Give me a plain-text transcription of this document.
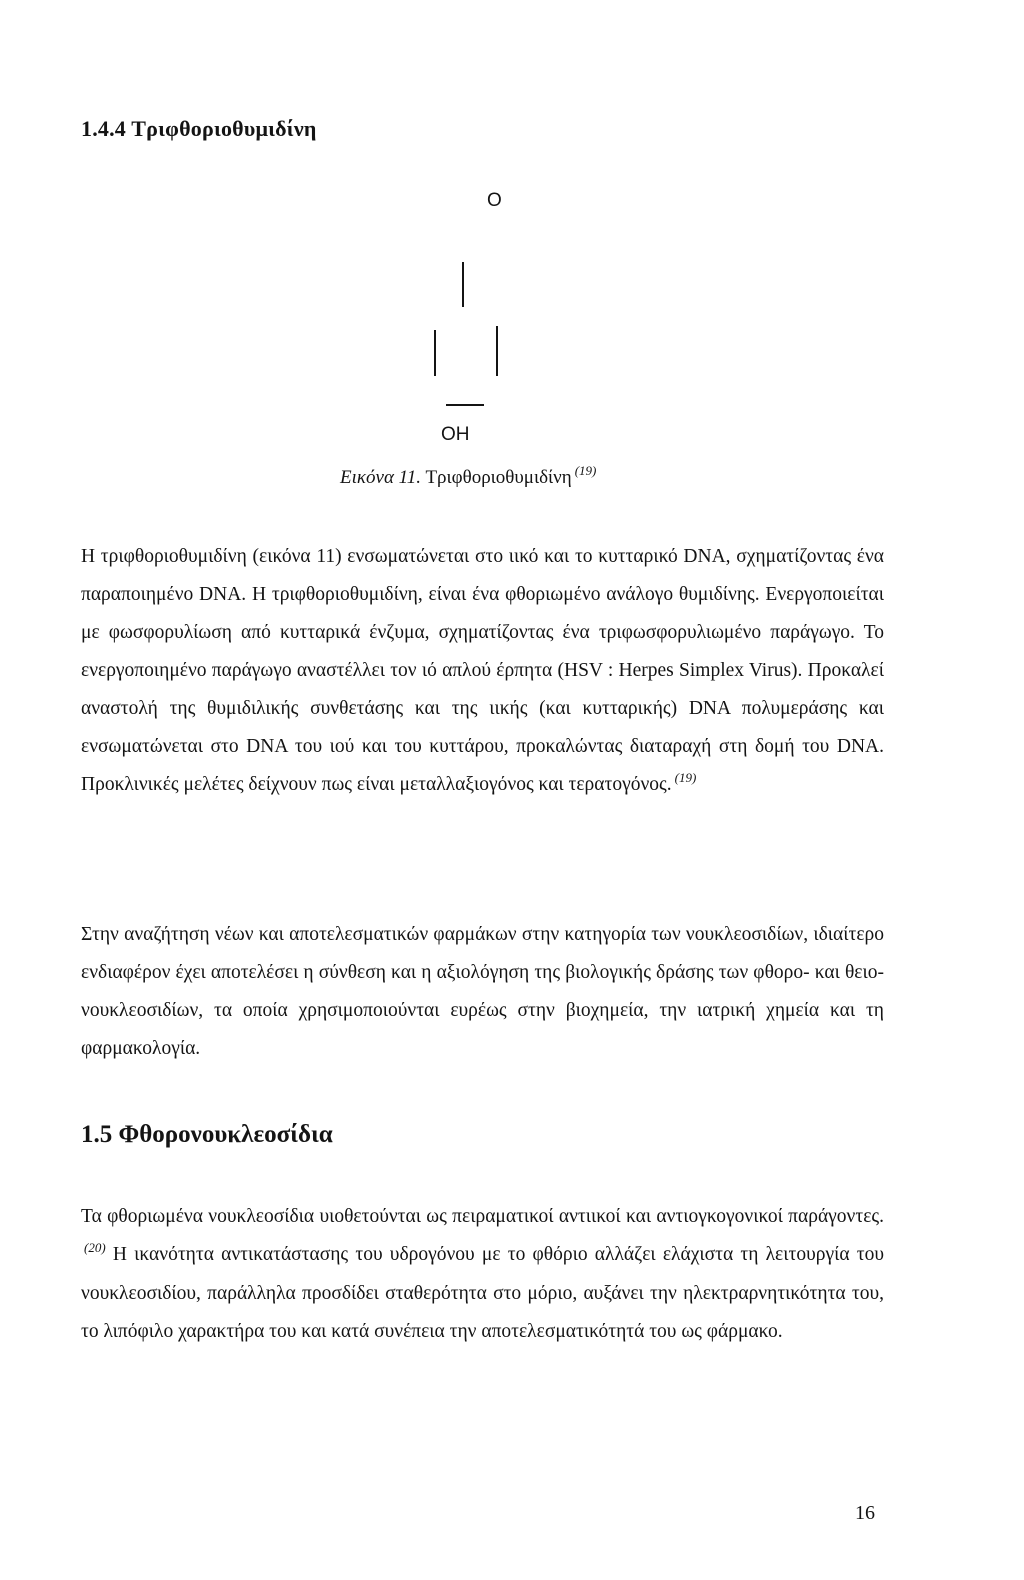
1.4.4 Τριφθοριοθυμιδίνη
O
OH
Εικόνα 11. Τριφθοριοθυμιδίνη $^{(19)}$
Η τριφθοριοθυμιδίνη (εικόνα 11) ενσωματώνεται στο ιικό και το κυτταρικό DNA, σχηματίζοντας ένα παραποιημένο DNA. Η τριφθοριοθυμιδίνη, είναι ένα φθοριωμένο ανάλογο θυμιδίνης. Ενεργοποιείται με φωσφορυλίωση από κυτταρικά ένζυμα, σχηματίζοντας ένα τριφωσφορυλιωμένο παράγωγο. Το ενεργοποιημένο παράγωγο αναστέλλει τον ιό απλού έρπητα (HSV : Herpes Simplex Virus). Προκαλεί αναστολή της θυμιδιλικής συνθετάσης και της ιικής (και κυτταρικής) DNA πολυμεράσης και ενσωματώνεται στο DNA του ιού και του κυττάρου, προκαλώντας διαταραχή στη δομή του DNA. Προκλινικές μελέτες δείχνουν πως είναι μεταλλαξιογόνος και τερατογόνος. $^{(19)}$
Στην αναζήτηση νέων και αποτελεσματικών φαρμάκων στην κατηγορία των νουκλεοσιδίων, ιδιαίτερο ενδιαφέρον έχει αποτελέσει η σύνθεση και η αξιολόγηση της βιολογικής δράσης των φθορο- και θειο- νουκλεοσιδίων, τα οποία χρησιμοποιούνται ευρέως στην βιοχημεία, την ιατρική χημεία και τη φαρμακολογία.
1.5 Φθορονουκλεοσίδια
Τα φθοριωμένα νουκλεοσίδια υιοθετούνται ως πειραματικοί αντιικοί και αντιογκογονικοί παράγοντες.$^{(20)}$ Η ικανότητα αντικατάστασης του υδρογόνου με το φθόριο αλλάζει ελάχιστα τη λειτουργία του νουκλεοσιδίου, παράλληλα προσδίδει σταθερότητα στο μόριο, αυξάνει την ηλεκτραρνητικότητα του, το λιπόφιλο χαρακτήρα του και κατά συνέπεια την αποτελεσματικότητά του ως φάρμακο.
16
